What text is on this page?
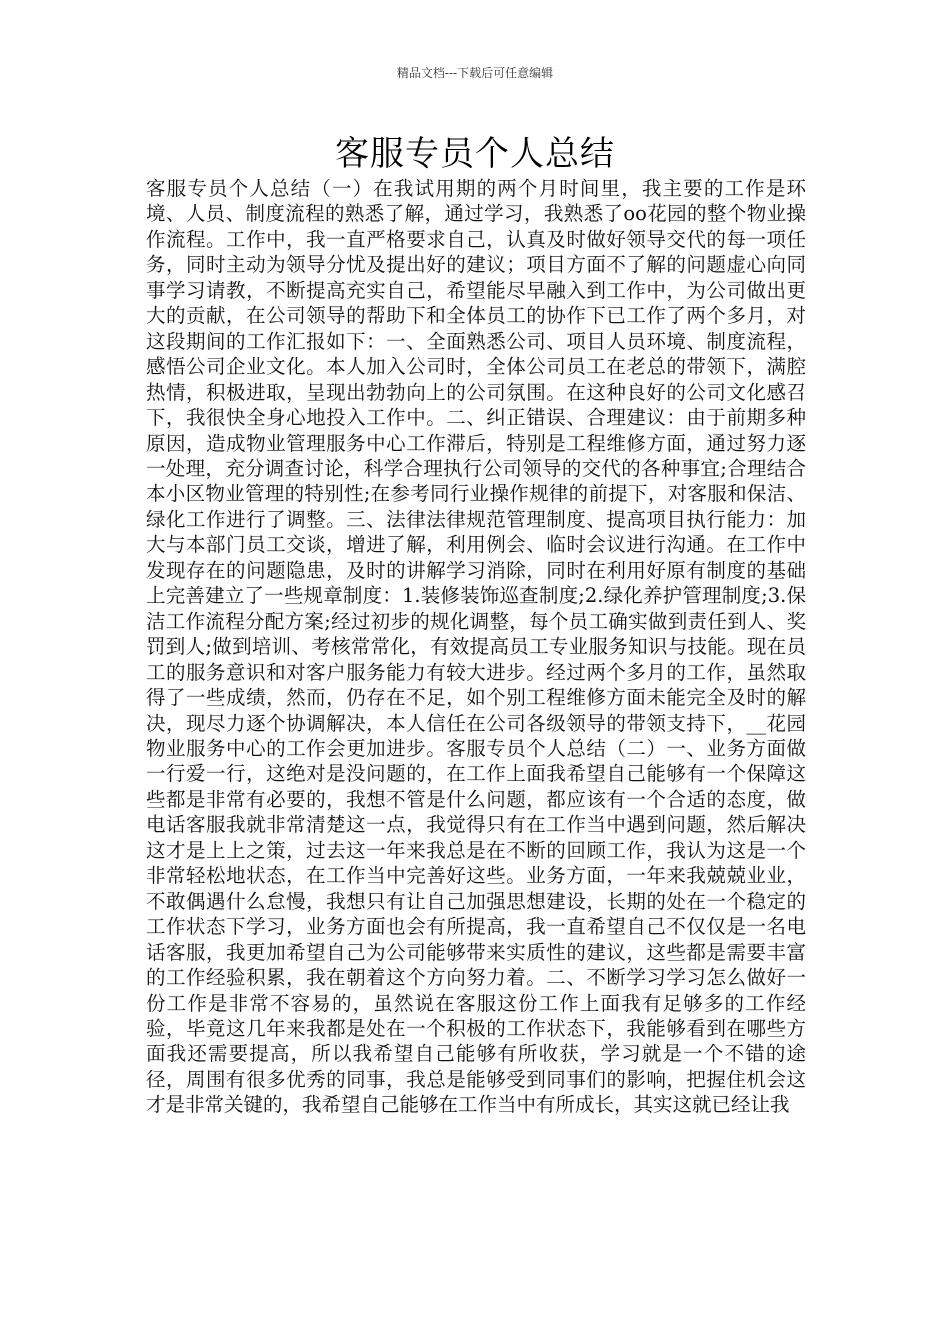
精品文档---下载后可任意编辑
客服专员个人总结

客服专员个人总结（一）在我试用期的两个月时间里，我主要的工作是环境、人员、制度流程的熟悉了解，通过学习，我熟悉了oo花园的整个物业操作流程。工作中，我一直严格要求自己，认真及时做好领导交代的每一项任务，同时主动为领导分忧及提出好的建议；项目方面不了解的问题虚心向同事学习请教，不断提高充实自己，希望能尽早融入到工作中，为公司做出更大的贡献，在公司领导的帮助下和全体员工的协作下已工作了两个多月，对这段期间的工作汇报如下：一、全面熟悉公司、项目人员环境、制度流程，感悟公司企业文化。本人加入公司时，全体公司员工在老总的带领下，满腔热情，积极进取，呈现出勃勃向上的公司氛围。在这种良好的公司文化感召下，我很快全身心地投入工作中。二、纠正错误、合理建议：由于前期多种原因，造成物业管理服务中心工作滞后，特别是工程维修方面，通过努力逐一处理，充分调查讨论，科学合理执行公司领导的交代的各种事宜;合理结合本小区物业管理的特别性;在参考同行业操作规律的前提下，对客服和保洁、绿化工作进行了调整。三、法律法律规范管理制度、提高项目执行能力：加大与本部门员工交谈，增进了解，利用例会、临时会议进行沟通。在工作中发现存在的问题隐患，及时的讲解学习消除，同时在利用好原有制度的基础上完善建立了一些规章制度：1.装修装饰巡查制度;2.绿化养护管理制度;3.保洁工作流程分配方案;经过初步的规化调整，每个员工确实做到责任到人、奖罚到人;做到培训、考核常常化，有效提高员工专业服务知识与技能。现在员工的服务意识和对客户服务能力有较大进步。经过两个多月的工作，虽然取得了一些成绩，然而，仍存在不足，如个别工程维修方面未能完全及时的解决，现尽力逐个协调解决，本人信任在公司各级领导的带领支持下，__花园物业服务中心的工作会更加进步。客服专员个人总结（二）一、业务方面做一行爱一行，这绝对是没问题的，在工作上面我希望自己能够有一个保障这些都是非常有必要的，我想不管是什么问题，都应该有一个合适的态度，做电话客服我就非常清楚这一点，我觉得只有在工作当中遇到问题，然后解决这才是上上之策，过去这一年来我总是在不断的回顾工作，我认为这是一个非常轻松地状态，在工作当中完善好这些。业务方面，一年来我兢兢业业，不敢偶遇什么怠慢，我想只有让自己加强思想建设，长期的处在一个稳定的工作状态下学习，业务方面也会有所提高，我一直希望自己不仅仅是一名电话客服，我更加希望自己为公司能够带来实质性的建议，这些都是需要丰富的工作经验积累，我在朝着这个方向努力着。二、不断学习学习怎么做好一份工作是非常不容易的，虽然说在客服这份工作上面我有足够多的工作经验，毕竟这几年来我都是处在一个积极的工作状态下，我能够看到在哪些方面我还需要提高，所以我希望自己能够有所收获，学习就是一个不错的途径，周围有很多优秀的同事，我总是能够受到同事们的影响，把握住机会这才是非常关键的，我希望自己能够在工作当中有所成长，其实这就已经让我
